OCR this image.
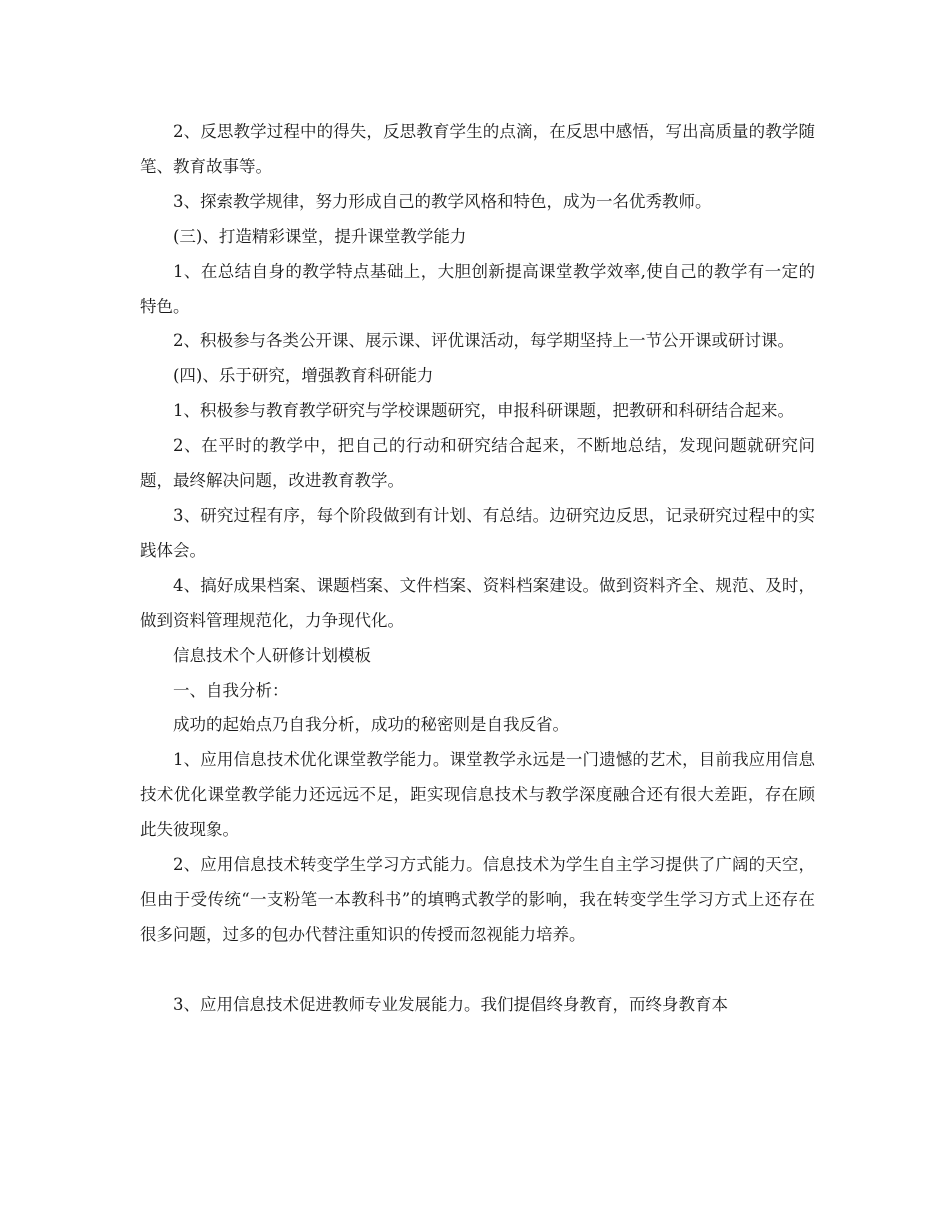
2、反思教学过程中的得失，反思教育学生的点滴，在反思中感悟，写出高质量的教学随笔、教育故事等。

3、探索教学规律，努力形成自己的教学风格和特色，成为一名优秀教师。

(三)、打造精彩课堂，提升课堂教学能力

1、在总结自身的教学特点基础上，大胆创新提高课堂教学效率,使自己的教学有一定的特色。

2、积极参与各类公开课、展示课、评优课活动，每学期坚持上一节公开课或研讨课。

(四)、乐于研究，增强教育科研能力

1、积极参与教育教学研究与学校课题研究，申报科研课题，把教研和科研结合起来。

2、在平时的教学中，把自己的行动和研究结合起来，不断地总结，发现问题就研究问题，最终解决问题，改进教育教学。

3、研究过程有序，每个阶段做到有计划、有总结。边研究边反思，记录研究过程中的实践体会。

4、搞好成果档案、课题档案、文件档案、资料档案建设。做到资料齐全、规范、及时，做到资料管理规范化，力争现代化。

信息技术个人研修计划模板

一、自我分析：

成功的起始点乃自我分析，成功的秘密则是自我反省。

1、应用信息技术优化课堂教学能力。课堂教学永远是一门遗憾的艺术，目前我应用信息技术优化课堂教学能力还远远不足，距实现信息技术与教学深度融合还有很大差距，存在顾此失彼现象。

2、应用信息技术转变学生学习方式能力。信息技术为学生自主学习提供了广阔的天空，但由于受传统“一支粉笔一本教科书”的填鸭式教学的影响，我在转变学生学习方式上还存在很多问题，过多的包办代替注重知识的传授而忽视能力培养。

3、应用信息技术促进教师专业发展能力。我们提倡终身教育，而终身教育本
